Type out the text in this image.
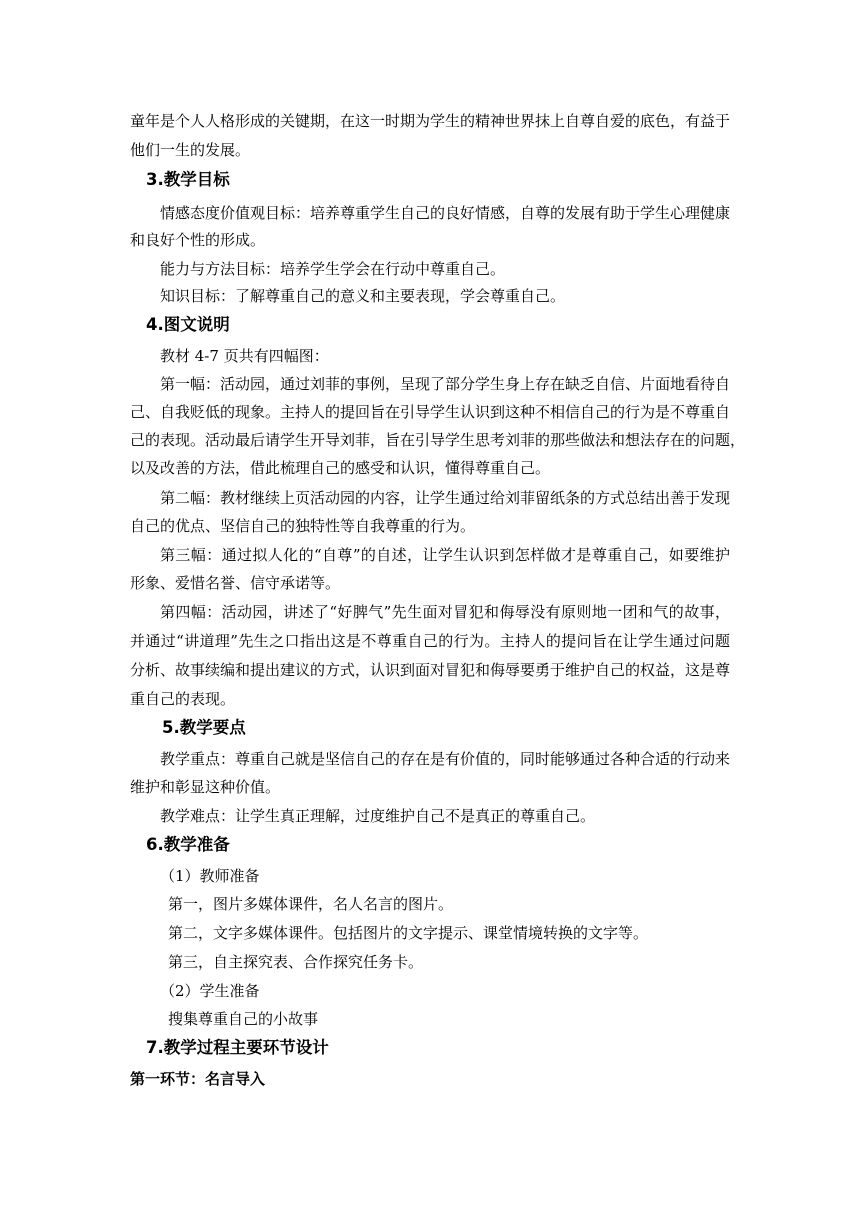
童年是个人人格形成的关键期，在这一时期为学生的精神世界抹上自尊自爱的底色，有益于
他们一生的发展。
3.教学目标
情感态度价值观目标：培养尊重学生自己的良好情感，自尊的发展有助于学生心理健康
和良好个性的形成。
能力与方法目标：培养学生学会在行动中尊重自己。
知识目标：了解尊重自己的意义和主要表现，学会尊重自己。
4.图文说明
教材 4-7 页共有四幅图：
第一幅：活动园，通过刘菲的事例，呈现了部分学生身上存在缺乏自信、片面地看待自
己、自我贬低的现象。主持人的提回旨在引导学生认识到这种不相信自己的行为是不尊重自
己的表现。活动最后请学生开导刘菲，旨在引导学生思考刘菲的那些做法和想法存在的问题，
以及改善的方法，借此梳理自己的感受和认识，懂得尊重自己。
第二幅：教材继续上页活动园的内容，让学生通过给刘菲留纸条的方式总结出善于发现
自己的优点、坚信自己的独特性等自我尊重的行为。
第三幅：通过拟人化的“自尊”的自述，让学生认识到怎样做才是尊重自己，如要维护
形象、爱惜名誉、信守承诺等。
第四幅：活动园，讲述了“好脾气”先生面对冒犯和侮辱没有原则地一团和气的故事，
并通过“讲道理”先生之口指出这是不尊重自己的行为。主持人的提问旨在让学生通过问题
分析、故事续编和提出建议的方式，认识到面对冒犯和侮辱要勇于维护自己的权益，这是尊
重自己的表现。
5.教学要点
教学重点：尊重自己就是坚信自己的存在是有价值的，同时能够通过各种合适的行动来
维护和彰显这种价值。
教学难点：让学生真正理解，过度维护自己不是真正的尊重自己。
6.教学准备
（1）教师准备
第一，图片多媒体课件，名人名言的图片。
第二，文字多媒体课件。包括图片的文字提示、课堂情境转换的文字等。
第三，自主探究表、合作探究任务卡。
（2）学生准备
搜集尊重自己的小故事
7.教学过程主要环节设计
第一环节：名言导入
